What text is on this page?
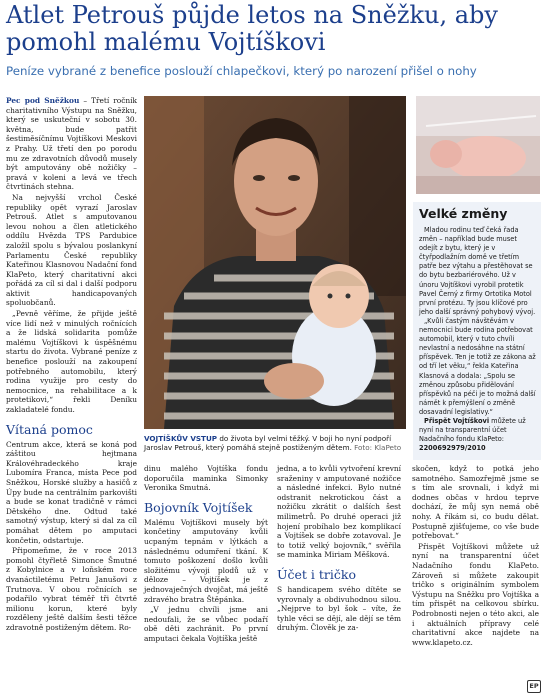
Atlet Petrouš půjde letos na Sněžku, aby pomohl malému Vojtíškovi

Peníze vybrané z benefice poslouží chlapečkovi, který po narození přišel o nohy

Pec pod Sněžkou – Třetí ročník charitativního Výstupu na Sněžku, který se uskuteční v sobotu 30. května, bude patřit šestiměsíčnímu Vojtíškovi Meskovi z Prahy. Už třetí den po porodu mu ze zdravotních důvodů musely být amputovány obě nožičky – pravá v koleni a levá ve třech čtvrtinách stehna.

Na nejvyšší vrchol České republiky opět vyrazí Jaroslav Petrouš. Atlet s amputovanou levou nohou a člen atletického oddílu Hvězda TPS Pardubice založil spolu s bývalou poslankyní Parlamentu České republiky Kateřinou Klasnovou Nadační fond KlaPeto, který charitativní akci pořádá za cíl si dal i další podporu aktivit handicapovaných spoluobčanů.

„Pevně věříme, že přijde ještě více lidí než v minulých ročnících a že lidská solidarita pomůže malému Vojtíškovi k úspěšnému startu do života. Vybrané peníze z benefice poslouží na zakoupení potřebného automobilu, který rodina využije pro cesty do nemocnice, na rehabilitace a k protetikovi,“ řekli Deníku zakladatelé fondu.

Vítaná pomoc

Centrum akce, která se koná pod záštitou hejtmana Královéhradeckého kraje Lubomíra Franca, místa Pece pod Sněžkou, Horské služby a hasičů z Úpy bude na centrálním parkovišti a bude se konat tradičně v rámci Dětského dne. Odtud také samotný výstup, který si dal za cíl pomáhat dětem po amputaci končetin, odstartuje.

Připomeňme, že v roce 2013 pomohl čtyřletě Simonce Šmutné z Kobylnice a v loňském roce dvanáctiletému Petru Janušovi z Trutnova. V obou ročnících se podařilo vybrat téměř tři čtvrtě milionu korun, které byly rozděleny ještě dalším šesti těžce zdravotně postiženým dětem. Ro-

VOJTÍŠKŮV VSTUP do života byl velmi těžký. V boji ho nyní podpoří Jaroslav Petrouš, který pomáhá stejně postiženým dětem. Foto: KlaPeto
Velké změny

Mladou rodinu teď čeká řada změn – například bude muset odejít z bytu, který je v čtyřpodlažním domě ve třetím patře bez výtahu a přestěhovat se do bytu bezbariérového. Už v únoru Vojtíškovi vyrobil protetik Pavel Černý z firmy Ortotika Motol první protézu. Ty jsou klíčové pro jeho další správný pohybový vývoj.

„Kvůli častým návštěvám v nemocnici bude rodina potřebovat automobil, který v tuto chvíli nevlastní a nedosáhne na státní příspěvek. Ten je totiž ze zákona až od tří let věku,“ řekla Kateřina Klasnová a dodala: „Spolu se změnou způsobu přidělování příspěvků na péči je to možná další námět k přemýšlení o změně dosavadní legislativy.“

Přispět Vojtíškovi můžete už nyní na transparentní účet Nadačního fondu KlaPeto: 2200692979/2010

dinu malého Vojtíška fondu doporučila maminka Simonky Veronika Smutná.

Bojovník Vojtíšek

Malému Vojtíškovi musely být končetiny amputovány kvůli ucpaným tepnám v lýtkách a následnému odumření tkání. K tomuto poškození došlo kvůli složitému vývoji plodů už v děloze – Vojtíšek je z jednovaječných dvojčat, má ještě zdravého bratra Štěpánka.

„V jednu chvíli jsme ani nedoufali, že se vůbec podaří obě děti zachránit. Po první amputaci čekala Vojtíška ještě

jedna, a to kvůli vytvoření krevní sraženiny v amputované nožičce a následné infekci. Bylo nutné odstranit nekrotickou část a nožičku zkrátit o dalších šest milimetrů. Po druhé operaci již hojení probíhalo bez komplikací a Vojtíšek se dobře zotavoval. Je to totiž velký bojovník,“ svěřila se maminka Miriam Měšková.

Účet i tričko

S handicapem svého dítěte se vyrovnaly a obdivuhodnou silou. „Nejprve to byl šok – víte, že tyhle věci se dějí, ale dějí se těm druhým. Člověk je za-

skočen, když to potká jeho samotného. Samozřejmě jsme se s tím ale srovnali, i když mi dodnes občas v hrdou teprve dochází, že můj syn nemá obě nohy. A říkám si, co budu dělat. Postupně zjišťujeme, co vše bude potřebovat.“

Přispět Vojtíškovi můžete už nyní na transparentní účet Nadačního fondu KlaPeto. Zároveň si můžete zakoupit tričko s originálním symbolem Výstupu na Sněžku pro Vojtíška a tím přispět na celkovou sbírku. Podrobnosti nejen o této akci, ale i aktuálních přípravy celé charitativní akce najdete na www.klapeto.cz.

EP
